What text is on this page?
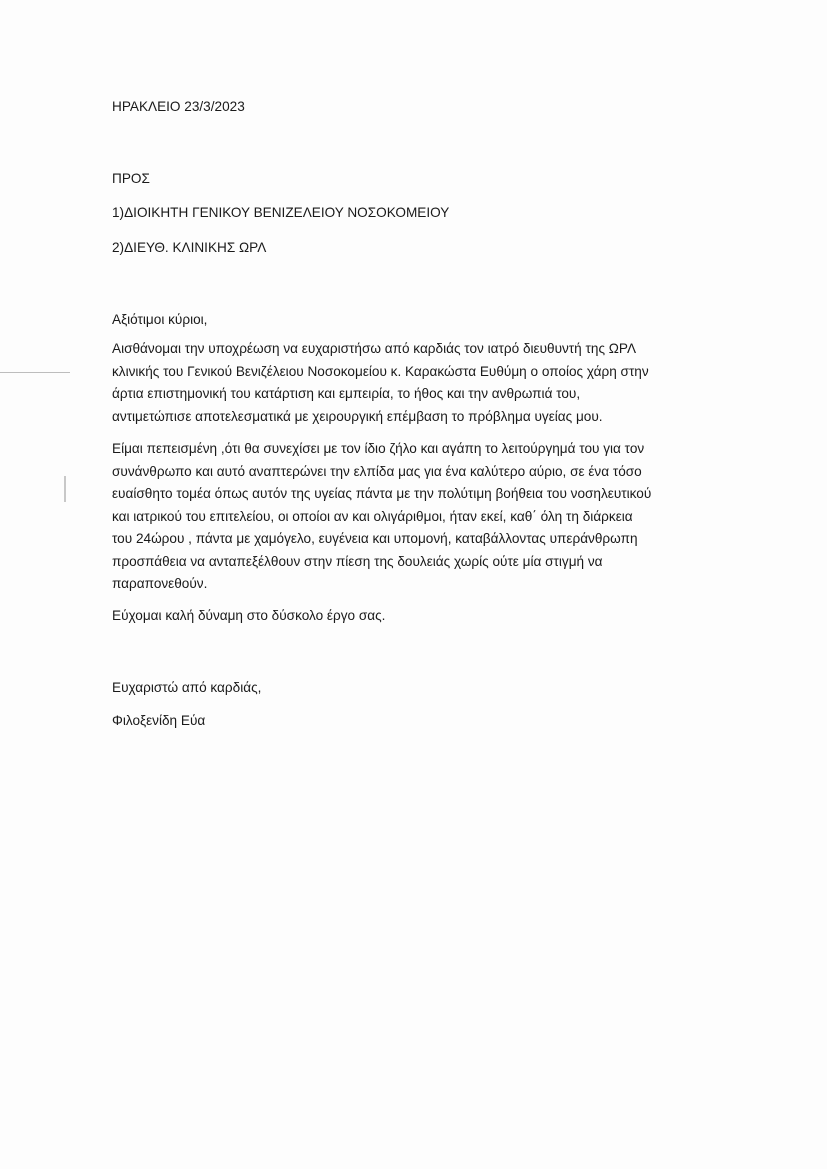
ΗΡΑΚΛΕΙΟ 23/3/2023

ΠΡΟΣ

1)ΔΙΟΙΚΗΤΗ ΓΕΝΙΚΟΥ ΒΕΝΙΖΕΛΕΙΟΥ ΝΟΣΟΚΟΜΕΙΟΥ

2)ΔΙΕΥΘ. ΚΛΙΝΙΚΗΣ ΩΡΛ

Αξιότιμοι κύριοι,

Αισθάνομαι την υποχρέωση να ευχαριστήσω από καρδιάς τον ιατρό διευθυντή της ΩΡΛ
κλινικής του Γενικού Βενιζέλειου Νοσοκομείου κ. Καρακώστα Ευθύμη ο οποίος χάρη στην
άρτια επιστημονική του κατάρτιση και εμπειρία, το ήθος και την ανθρωπιά του,
αντιμετώπισε αποτελεσματικά με χειρουργική επέμβαση το πρόβλημα υγείας μου.
Είμαι πεπεισμένη ,ότι θα συνεχίσει με τον ίδιο ζήλο και αγάπη το λειτούργημά του για τον
συνάνθρωπο και αυτό αναπτερώνει την ελπίδα μας για ένα καλύτερο αύριο, σε ένα τόσο
ευαίσθητο τομέα όπως αυτόν της υγείας πάντα με την πολύτιμη βοήθεια του νοσηλευτικού
και ιατρικού του επιτελείου, οι οποίοι αν και ολιγάριθμοι, ήταν εκεί, καθ΄ όλη τη διάρκεια
του 24ώρου , πάντα με χαμόγελο, ευγένεια και υπομονή, καταβάλλοντας υπεράνθρωπη
προσπάθεια να ανταπεξέλθουν στην πίεση της δουλειάς χωρίς ούτε μία στιγμή να
παραπονεθούν.

Εύχομαι καλή δύναμη στο δύσκολο έργο σας.

Ευχαριστώ από καρδιάς,

Φιλοξενίδη Εύα
